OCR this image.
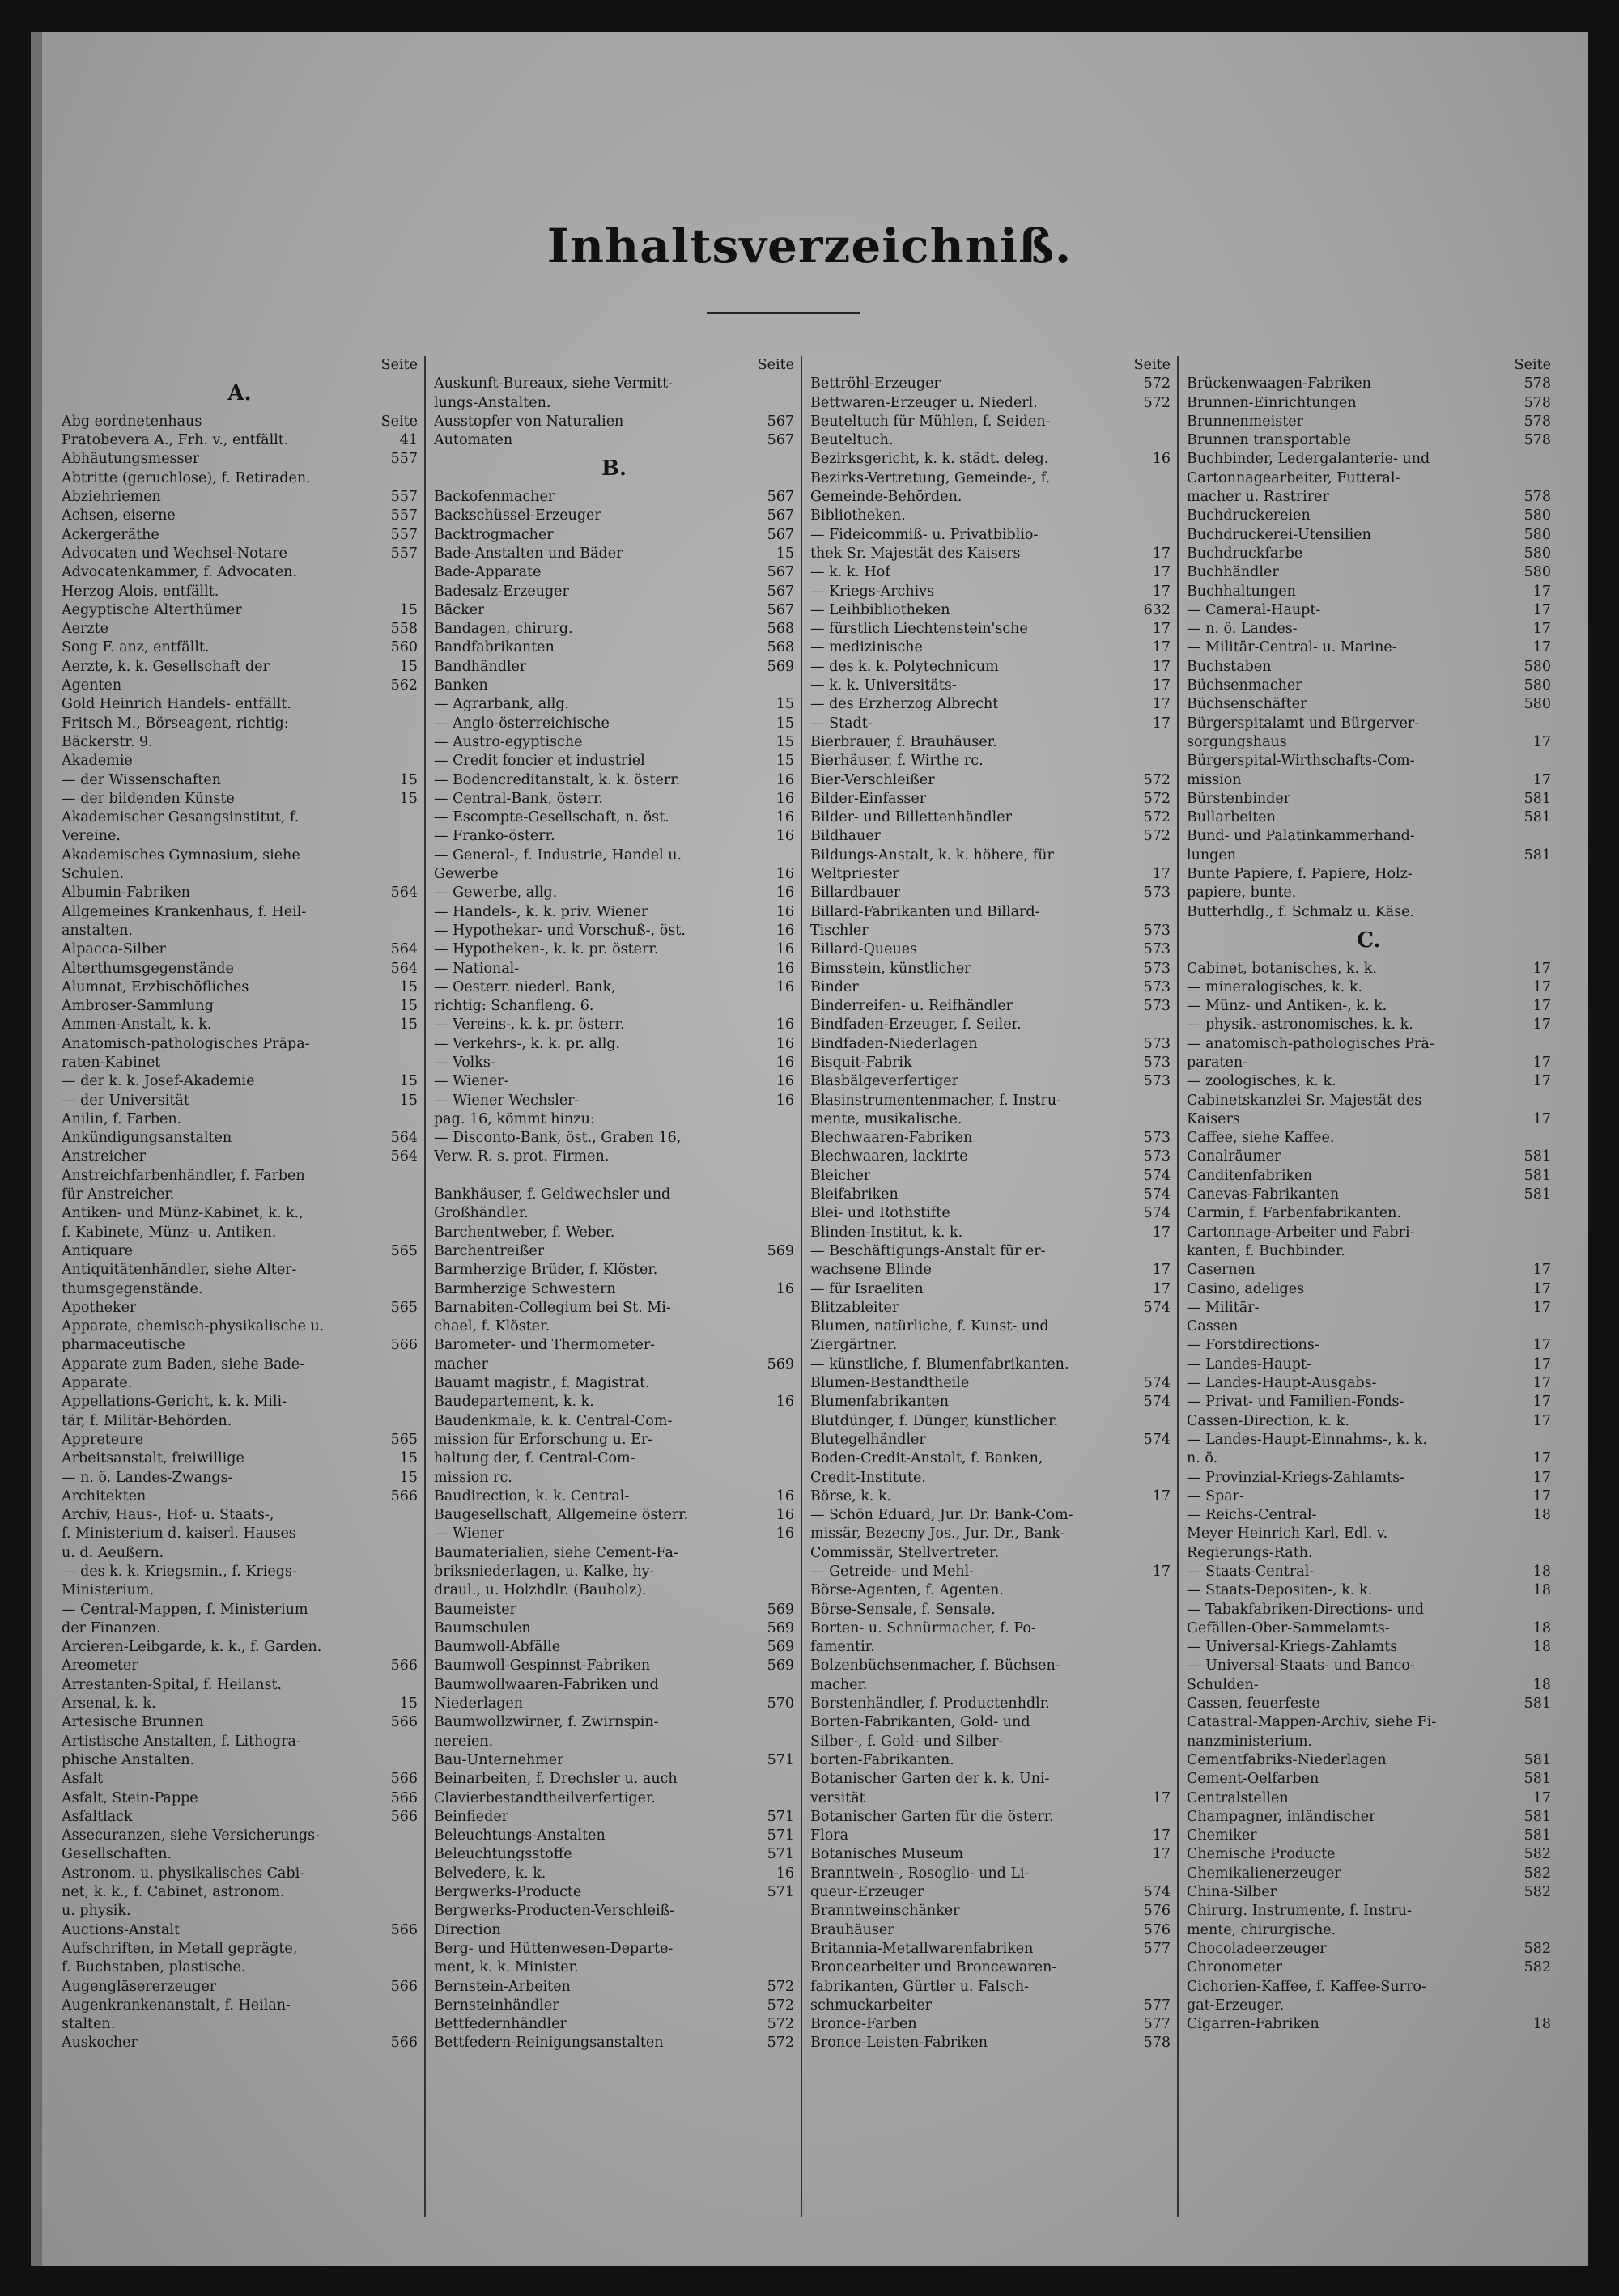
Inhaltsverzeichniß.
Seite
A.
Abg eordnetenhaus	Seite
Pratobevera A., Frh. v., entfällt.	41
Abhäutungsmesser	557
Abtritte (geruchlose), f. Retiraden.
Abziehriemen	557
Achsen, eiserne	557
Ackergeräthe	557
Advocaten und Wechsel-Notare	557
Advocatenkammer, f. Advocaten.
Herzog Alois, entfällt.
Aegyptische Alterthümer	15
Aerzte	558
Song F. anz, entfällt.	560
Aerzte, k. k. Gesellschaft der	15
Agenten	562
Gold Heinrich Handels- entfällt.
Fritsch M., Börseagent, richtig:
Bäckerstr. 9.
Akademie
— der Wissenschaften	15
— der bildenden Künste	15
Akademischer Gesangsinstitut, f.
Vereine.
Akademisches Gymnasium, siehe
Schulen.
Albumin-Fabriken	564
Allgemeines Krankenhaus, f. Heil-
anstalten.
Alpacca-Silber	564
Alterthumsgegenstände	564
Alumnat, Erzbischöfliches	15
Ambroser-Sammlung	15
Ammen-Anstalt, k. k.	15
Anatomisch-pathologisches Präpa-
raten-Kabinet
— der k. k. Josef-Akademie	15
— der Universität	15
Anilin, f. Farben.
Ankündigungsanstalten	564
Anstreicher	564
Anstreichfarbenhändler, f. Farben
für Anstreicher.
Antiken- und Münz-Kabinet, k. k.,
f. Kabinete, Münz- u. Antiken.
Antiquare	565
Antiquitätenhändler, siehe Alter-
thumsgegenstände.
Apotheker	565
Apparate, chemisch-physikalische u.
pharmaceutische	566
Apparate zum Baden, siehe Bade-
Apparate.
Appellations-Gericht, k. k. Mili-
tär, f. Militär-Behörden.
Appreteure	565
Arbeitsanstalt, freiwillige	15
— n. ö. Landes-Zwangs-	15
Architekten	566
Archiv, Haus-, Hof- u. Staats-,
f. Ministerium d. kaiserl. Hauses
u. d. Aeußern.
— des k. k. Kriegsmin., f. Kriegs-
Ministerium.
— Central-Mappen, f. Ministerium
der Finanzen.
Arcieren-Leibgarde, k. k., f. Garden.
Areometer	566
Arrestanten-Spital, f. Heilanst.
Arsenal, k. k.	15
Artesische Brunnen	566
Artistische Anstalten, f. Lithogra-
phische Anstalten.
Asfalt	566
Asfalt, Stein-Pappe	566
Asfaltlack	566
Assecuranzen, siehe Versicherungs-
Gesellschaften.
Astronom. u. physikalisches Cabi-
net, k. k., f. Cabinet, astronom.
u. physik.
Auctions-Anstalt	566
Aufschriften, in Metall geprägte,
f. Buchstaben, plastische.
Augengläsererzeuger	566
Augenkrankenanstalt, f. Heilan-
stalten.
Auskocher	566
Seite
Auskunft-Bureaux, siehe Vermitt-
lungs-Anstalten.
Ausstopfer von Naturalien	567
Automaten	567
B.
Backofenmacher	567
Backschüssel-Erzeuger	567
Backtrogmacher	567
Bade-Anstalten und Bäder	15
Bade-Apparate	567
Badesalz-Erzeuger	567
Bäcker	567
Bandagen, chirurg.	568
Bandfabrikanten	568
Bandhändler	569
Banken
— Agrarbank, allg.	15
— Anglo-österreichische	15
— Austro-egyptische	15
— Credit foncier et industriel	15
— Bodencreditanstalt, k. k. österr.	16
— Central-Bank, österr.	16
— Escompte-Gesellschaft, n. öst.	16
— Franko-österr.	16
— General-, f. Industrie, Handel u.
Gewerbe	16
— Gewerbe, allg.	16
— Handels-, k. k. priv. Wiener	16
— Hypothekar- und Vorschuß-, öst.	16
— Hypotheken-, k. k. pr. österr.	16
— National-	16
— Oesterr. niederl. Bank,	16
richtig: Schanfleng. 6.
— Vereins-, k. k. pr. österr.	16
— Verkehrs-, k. k. pr. allg.	16
— Volks-	16
— Wiener-	16
— Wiener Wechsler-	16
pag. 16, kömmt hinzu:
— Disconto-Bank, öst., Graben 16,
Verw. R. s. prot. Firmen.
Bankhäuser, f. Geldwechsler und
Großhändler.
Barchentweber, f. Weber.
Barchentreißer	569
Barmherzige Brüder, f. Klöster.
Barmherzige Schwestern	16
Barnabiten-Collegium bei St. Mi-
chael, f. Klöster.
Barometer- und Thermometer-
macher	569
Bauamt magistr., f. Magistrat.
Baudepartement, k. k.	16
Baudenkmale, k. k. Central-Com-
mission für Erforschung u. Er-
haltung der, f. Central-Com-
mission rc.
Baudirection, k. k. Central-	16
Baugesellschaft, Allgemeine österr.	16
— Wiener	16
Baumaterialien, siehe Cement-Fa-
briksniederlagen, u. Kalke, hy-
draul., u. Holzhdlr. (Bauholz).
Baumeister	569
Baumschulen	569
Baumwoll-Abfälle	569
Baumwoll-Gespinnst-Fabriken	569
Baumwollwaaren-Fabriken und
Niederlagen	570
Baumwollzwirner, f. Zwirnspin-
nereien.
Bau-Unternehmer	571
Beinarbeiten, f. Drechsler u. auch
Clavierbestandtheilverfertiger.
Beinfieder	571
Beleuchtungs-Anstalten	571
Beleuchtungsstoffe	571
Belvedere, k. k.	16
Bergwerks-Producte	571
Bergwerks-Producten-Verschleiß-
Direction
Berg- und Hüttenwesen-Departe-
ment, k. k. Minister.
Bernstein-Arbeiten	572
Bernsteinhändler	572
Bettfedernhändler	572
Bettfedern-Reinigungsanstalten	572
Seite
Bettröhl-Erzeuger	572
Bettwaren-Erzeuger u. Niederl.	572
Beuteltuch für Mühlen, f. Seiden-
Beuteltuch.
Bezirksgericht, k. k. städt. deleg.	16
Bezirks-Vertretung, Gemeinde-, f.
Gemeinde-Behörden.
Bibliotheken.
— Fideicommiß- u. Privatbiblio-
thek Sr. Majestät des Kaisers	17
— k. k. Hof	17
— Kriegs-Archivs	17
— Leihbibliotheken	632
— fürstlich Liechtenstein'sche	17
— medizinische	17
— des k. k. Polytechnicum	17
— k. k. Universitäts-	17
— des Erzherzog Albrecht	17
— Stadt-	17
Bierbrauer, f. Brauhäuser.
Bierhäuser, f. Wirthe rc.
Bier-Verschleißer	572
Bilder-Einfasser	572
Bilder- und Billettenhändler	572
Bildhauer	572
Bildungs-Anstalt, k. k. höhere, für
Weltpriester	17
Billardbauer	573
Billard-Fabrikanten und Billard-
Tischler	573
Billard-Queues	573
Bimsstein, künstlicher	573
Binder	573
Binderreifen- u. Reifhändler	573
Bindfaden-Erzeuger, f. Seiler.
Bindfaden-Niederlagen	573
Bisquit-Fabrik	573
Blasbälgeverfertiger	573
Blasinstrumentenmacher, f. Instru-
mente, musikalische.
Blechwaaren-Fabriken	573
Blechwaaren, lackirte	573
Bleicher	574
Bleifabriken	574
Blei- und Rothstifte	574
Blinden-Institut, k. k.	17
— Beschäftigungs-Anstalt für er-
wachsene Blinde	17
— für Israeliten	17
Blitzableiter	574
Blumen, natürliche, f. Kunst- und
Ziergärtner.
— künstliche, f. Blumenfabrikanten.
Blumen-Bestandtheile	574
Blumenfabrikanten	574
Blutdünger, f. Dünger, künstlicher.
Blutegelhändler	574
Boden-Credit-Anstalt, f. Banken,
Credit-Institute.
Börse, k. k.	17
— Schön Eduard, Jur. Dr. Bank-Com-
missär, Bezecny Jos., Jur. Dr., Bank-
Commissär, Stellvertreter.
— Getreide- und Mehl-	17
Börse-Agenten, f. Agenten.
Börse-Sensale, f. Sensale.
Borten- u. Schnürmacher, f. Po-
famentir.
Bolzenbüchsenmacher, f. Büchsen-
macher.
Borstenhändler, f. Productenhdlr.
Borten-Fabrikanten, Gold- und
Silber-, f. Gold- und Silber-
borten-Fabrikanten.
Botanischer Garten der k. k. Uni-
versität	17
Botanischer Garten für die österr.
Flora	17
Botanisches Museum	17
Branntwein-, Rosoglio- und Li-
queur-Erzeuger	574
Branntweinschänker	576
Brauhäuser	576
Britannia-Metallwarenfabriken	577
Broncearbeiter und Broncewaren-
fabrikanten, Gürtler u. Falsch-
schmuckarbeiter	577
Bronce-Farben	577
Bronce-Leisten-Fabriken	578
Seite
Brückenwaagen-Fabriken	578
Brunnen-Einrichtungen	578
Brunnenmeister	578
Brunnen transportable	578
Buchbinder, Ledergalanterie- und
Cartonnagearbeiter, Futteral-
macher u. Rastrirer	578
Buchdruckereien	580
Buchdruckerei-Utensilien	580
Buchdruckfarbe	580
Buchhändler	580
Buchhaltungen	17
— Cameral-Haupt-	17
— n. ö. Landes-	17
— Militär-Central- u. Marine-	17
Buchstaben	580
Büchsenmacher	580
Büchsenschäfter	580
Bürgerspitalamt und Bürgerver-
sorgungshaus	17
Bürgerspital-Wirthschafts-Com-
mission	17
Bürstenbinder	581
Bullarbeiten	581
Bund- und Palatinkammerhand-
lungen	581
Bunte Papiere, f. Papiere, Holz-
papiere, bunte.
Butterhdlg., f. Schmalz u. Käse.
C.
Cabinet, botanisches, k. k.	17
— mineralogisches, k. k.	17
— Münz- und Antiken-, k. k.	17
— physik.-astronomisches, k. k.	17
— anatomisch-pathologisches Prä-
paraten-	17
— zoologisches, k. k.	17
Cabinetskanzlei Sr. Majestät des
Kaisers	17
Caffee, siehe Kaffee.
Canalräumer	581
Canditenfabriken	581
Canevas-Fabrikanten	581
Carmin, f. Farbenfabrikanten.
Cartonnage-Arbeiter und Fabri-
kanten, f. Buchbinder.
Casernen	17
Casino, adeliges	17
— Militär-	17
Cassen
— Forstdirections-	17
— Landes-Haupt-	17
— Landes-Haupt-Ausgabs-	17
— Privat- und Familien-Fonds-	17
Cassen-Direction, k. k.	17
— Landes-Haupt-Einnahms-, k. k.
n. ö.	17
— Provinzial-Kriegs-Zahlamts-	17
— Spar-	17
— Reichs-Central-	18
Meyer Heinrich Karl, Edl. v.
Regierungs-Rath.
— Staats-Central-	18
— Staats-Depositen-, k. k.	18
— Tabakfabriken-Directions- und
Gefällen-Ober-Sammelamts-	18
— Universal-Kriegs-Zahlamts	18
— Universal-Staats- und Banco-
Schulden-	18
Cassen, feuerfeste	581
Catastral-Mappen-Archiv, siehe Fi-
nanzministerium.
Cementfabriks-Niederlagen	581
Cement-Oelfarben	581
Centralstellen	17
Champagner, inländischer	581
Chemiker	581
Chemische Producte	582
Chemikalienerzeuger	582
China-Silber	582
Chirurg. Instrumente, f. Instru-
mente, chirurgische.
Chocoladeerzeuger	582
Chronometer	582
Cichorien-Kaffee, f. Kaffee-Surro-
gat-Erzeuger.
Cigarren-Fabriken	18
